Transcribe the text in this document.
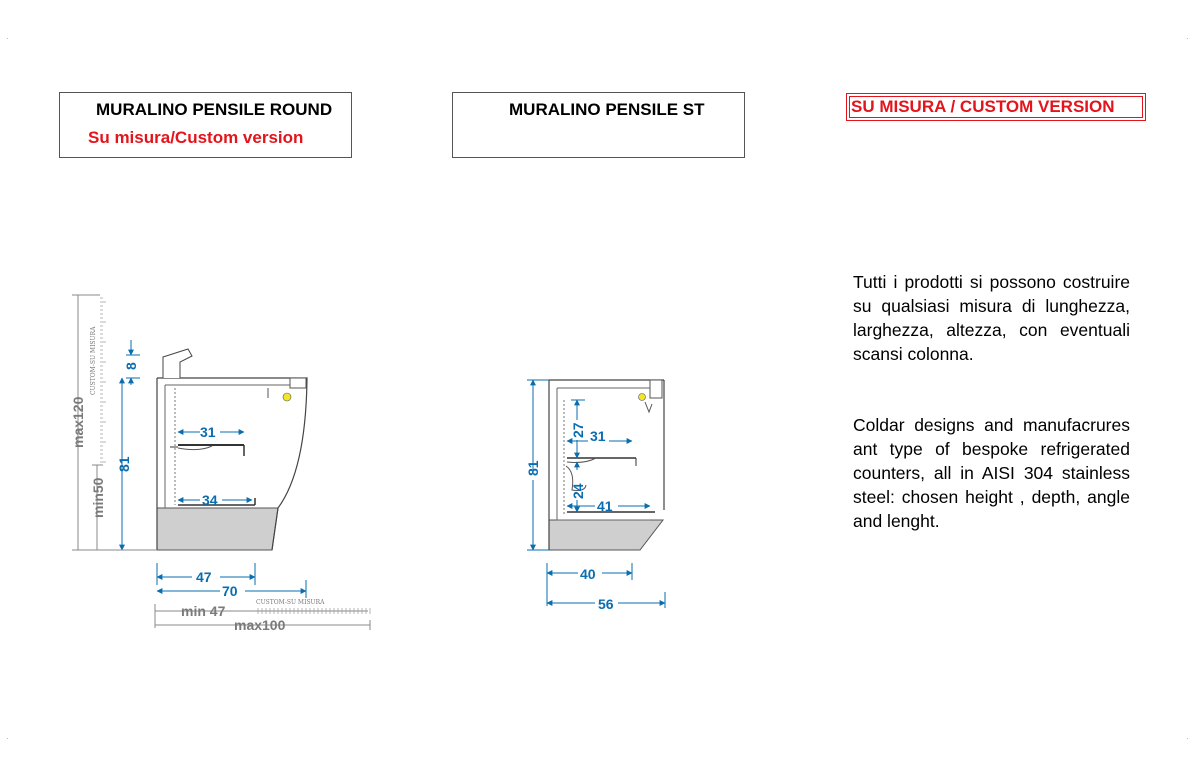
·	·
·	·
MURALINO PENSILE ROUND
Su misura/Custom version
MURALINO PENSILE ST	SU MISURA / CUSTOM VERSION
Tutti i prodotti si possono costruire su qualsiasi misura di lunghezza, larghezza, altezza, con eventuali scansi colonna.
Coldar designs and manufacrures ant type of bespoke refrigerated counters, all in AISI 304 stainless steel: chosen height , depth, angle and lenght.
8
81
31
34
47
70
max120
min50
CUSTOM-SU MISURA
min 47
max100
CUSTOM-SU MISURA
81
27 31
24
41
40
56
